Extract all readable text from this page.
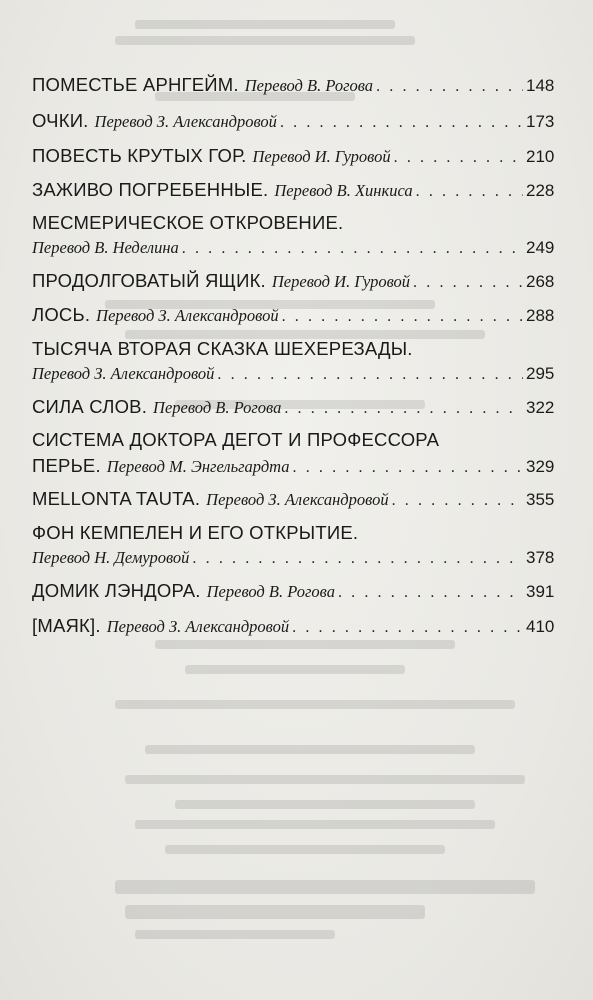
ПОМЕСТЬЕ АРНГЕЙМ. Перевод В. Рогова . . .	148
ОЧКИ. Перевод З. Александровой . . .	173
ПОВЕСТЬ КРУТЫХ ГОР. Перевод И. Гуровой . . .	210
ЗАЖИВО ПОГРЕБЕННЫЕ. Перевод В. Хинкиса . . .	228
МЕСМЕРИЧЕСКОЕ ОТКРОВЕНИЕ.
Перевод В. Неделина . . .	249
ПРОДОЛГОВАТЫЙ ЯЩИК. Перевод И. Гуровой . . .	268
ЛОСЬ. Перевод З. Александровой . . .	288
ТЫСЯЧА ВТОРАЯ СКАЗКА ШЕХЕРЕЗАДЫ.
Перевод З. Александровой . . .	295
СИЛА СЛОВ. Перевод В. Рогова . . .	322
СИСТЕМА ДОКТОРА ДЕГОТ И ПРОФЕССОРА
ПЕРЬЕ. Перевод М. Энгельгардта . . .	329
MELLONTA TAUTA. Перевод З. Александровой . . .	355
ФОН КЕМПЕЛЕН И ЕГО ОТКРЫТИЕ.
Перевод Н. Демуровой . . .	378
ДОМИК ЛЭНДОРА. Перевод В. Рогова . . .	391
[МАЯК]. Перевод З. Александровой . . .	410
